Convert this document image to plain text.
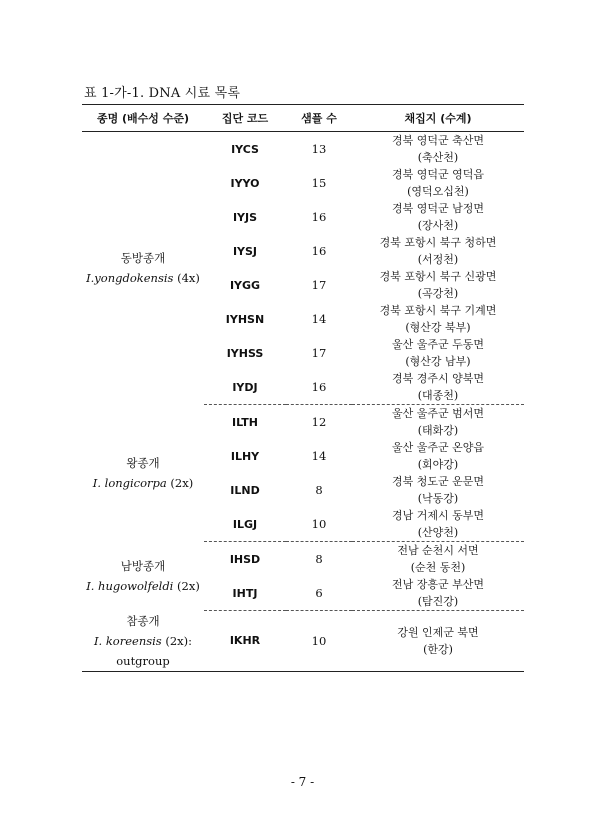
표 1-가-1. DNA 시료 목록
종명 (배수성 수준)	집단 코드	샘플 수	채집지 (수계)

동방종개
I.yongdokensis (4x)	IYCS	13	경북 영덕군 축산면
(축산천)

	IYYO	15	경북 영덕군 영덕읍
(영덕오십천)

	IYJS	16	경북 영덕군 남정면
(장사천)

	IYSJ	16	경북 포항시 북구 청하면
(서정천)

	IYGG	17	경북 포항시 북구 신광면
(곡강천)

	IYHSN	14	경북 포항시 북구 기계면
(형산강 북부)

	IYHSS	17	울산 울주군 두동면
(형산강 남부)

	IYDJ	16	경북 경주시 양북면
(대종천)

왕종개
I. longicorpa (2x)	ILTH	12	울산 울주군 범서면
(태화강)

	ILHY	14	울산 울주군 온양읍
(회야강)

	ILND	8	경북 청도군 운문면
(낙동강)

	ILGJ	10	경남 거제시 동부면
(산양천)

남방종개
I. hugowolfeldi (2x)	IHSD	8	전남 순천시 서면
(순천 동천)

	IHTJ	6	전남 장흥군 부산면
(탐진강)

참종개
I. koreensis (2x):
outgroup	IKHR	10	강원 인제군 북면
(한강)
- 7 -
